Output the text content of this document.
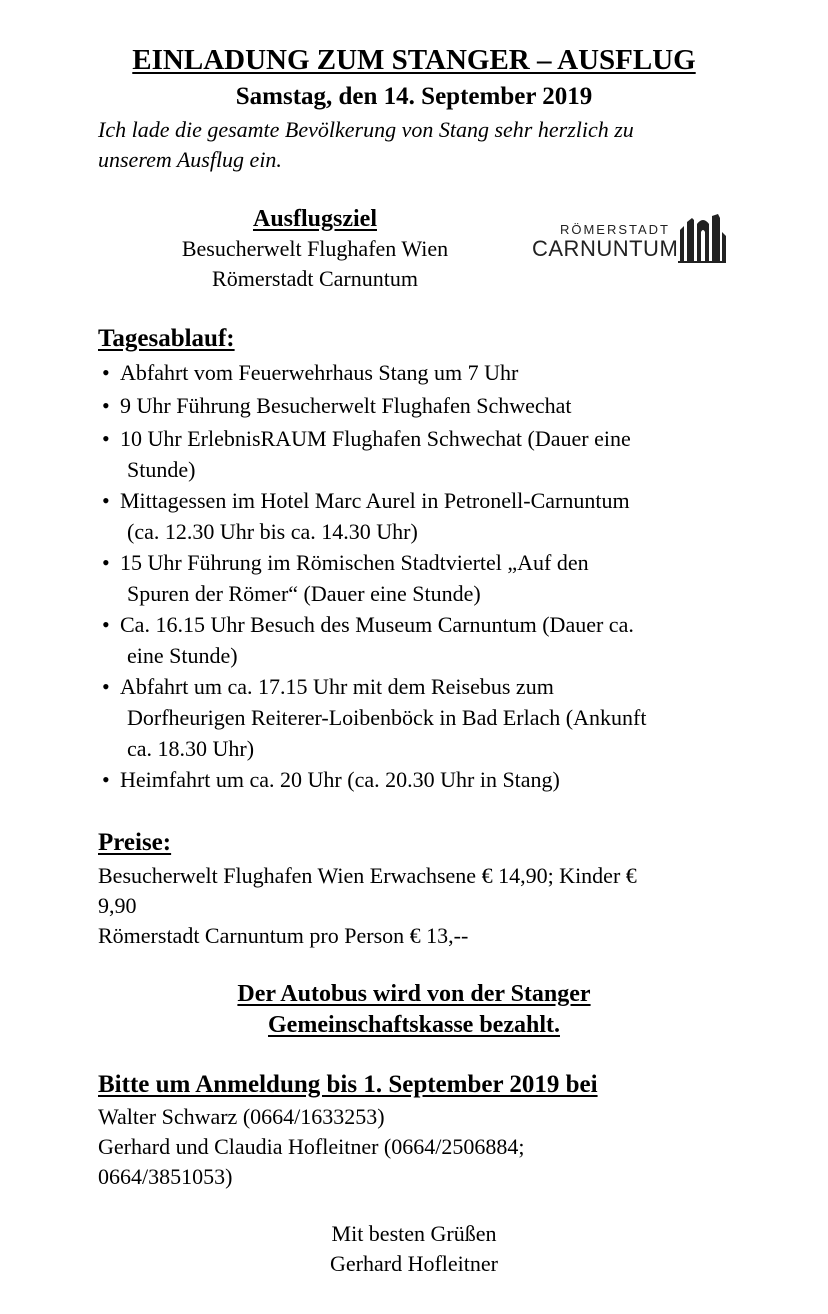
EINLADUNG ZUM STANGER – AUSFLUG
Samstag, den 14. September 2019
Ich lade die gesamte Bevölkerung von Stang sehr herzlich zu
unserem Ausflug ein.
Ausflugsziel
Besucherwelt Flughafen Wien
Römerstadt Carnuntum
RÖMERSTADT
CARNUNTUM
Tagesablauf:
• Abfahrt vom Feuerwehrhaus Stang um 7 Uhr
• 9 Uhr Führung Besucherwelt Flughafen Schwechat
• 10 Uhr ErlebnisRAUM Flughafen Schwechat (Dauer eine
Stunde)
• Mittagessen im Hotel Marc Aurel in Petronell-Carnuntum
(ca. 12.30 Uhr bis ca. 14.30 Uhr)
• 15 Uhr Führung im Römischen Stadtviertel „Auf den
Spuren der Römer“ (Dauer eine Stunde)
• Ca. 16.15 Uhr Besuch des Museum Carnuntum (Dauer ca.
eine Stunde)
• Abfahrt um ca. 17.15 Uhr mit dem Reisebus zum
Dorfheurigen Reiterer-Loibenböck in Bad Erlach (Ankunft
ca. 18.30 Uhr)
• Heimfahrt um ca. 20 Uhr (ca. 20.30 Uhr in Stang)
Preise:
Besucherwelt Flughafen Wien Erwachsene € 14,90; Kinder €
9,90
Römerstadt Carnuntum pro Person € 13,--
Der Autobus wird von der Stanger
Gemeinschaftskasse bezahlt.
Bitte um Anmeldung bis 1. September 2019 bei
Walter Schwarz (0664/1633253)
Gerhard und Claudia Hofleitner (0664/2506884;
0664/3851053)
Mit besten Grüßen
Gerhard Hofleitner
